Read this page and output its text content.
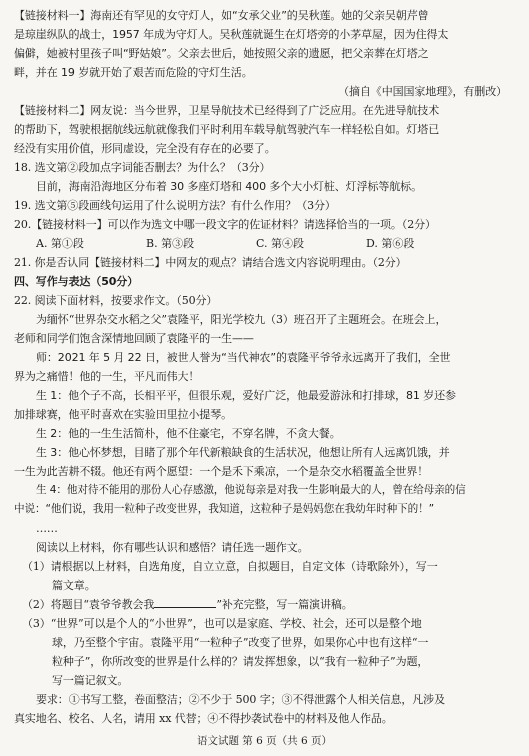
【链接材料一】海南还有罕见的女守灯人，如“女承父业”的吴秋莲。她的父亲吴朝芹曾

是琼崖纵队的战士，1957 年成为守灯人。吴秋莲就诞生在灯塔旁的小茅草屋，因为住得太

偏僻，她被村里孩子叫“野姑娘”。父亲去世后，她按照父亲的遗愿，把父亲葬在灯塔之

畔，并在 19 岁就开始了艰苦而危险的守灯生活。

（摘自《中国国家地理》，有删改）

【链接材料二】网友说：当今世界，卫星导航技术已经得到了广泛应用。在先进导航技术

的帮助下，驾驶根据航线远航就像我们平时利用车载导航驾驶汽车一样轻松自如。灯塔已

经没有实用价值，形同虚设，完全没有存在的必要了。

18. 选文第②段加点字词能否删去？为什么？（3分）

目前，海南沿海地区分布着 30 多座灯塔和 400 多个大小灯桩、灯浮标等航标。

19. 选文第⑤段画线句运用了什么说明方法？有什么作用？（3分）

20.【链接材料一】可以作为选文中哪一段文字的佐证材料？请选择恰当的一项。（2分）

A. 第①段	B. 第③段	C. 第④段	D. 第⑥段

21. 你是否认同【链接材料二】中网友的观点？请结合选文内容说明理由。（2分）

四、写作与表达（50分）

22. 阅读下面材料，按要求作文。（50分）

为缅怀“世界杂交水稻之父”袁隆平，阳光学校九（3）班召开了主题班会。在班会上，

老师和同学们饱含深情地回顾了袁隆平的一生——

师：2021 年 5 月 22 日，被世人誉为“当代神农”的袁隆平爷爷永远离开了我们，全世

界为之痛惜！他的一生，平凡而伟大！

生 1：他个子不高，长相平平，但很乐观，爱好广泛，他最爱游泳和打排球，81 岁还参

加排球赛，他平时喜欢在实验田里拉小提琴。

生 2：他的一生生活简朴，他不住豪宅，不穿名牌，不贪大餐。

生 3：他心怀梦想，目睹了那个年代新粮缺食的生活状况，他想让所有人远离饥饿，并

一生为此苦耕不辍。他还有两个愿望：一个是禾下乘凉，一个是杂交水稻覆盖全世界！

生 4：他对待不能用的那份人心存感激，他说每亲是对我一生影响最大的人，曾在给母亲的信

中说：“他们说，我用一粒种子改变世界，我知道，这粒种子是妈妈您在我幼年时种下的！”

……

阅读以上材料，你有哪些认识和感悟？请任选一题作文。

（1）请根据以上材料，自选角度，自立立意，自拟题目，自定文体（诗歌除外），写一

篇文章。

（2）将题目“袁爷爷教会我	”补充完整，写一篇演讲稿。

（3）“世界”可以是个人的“小世界”，也可以是家庭、学校、社会，还可以是整个地

球，乃至整个宇宙。袁隆平用“一粒种子”改变了世界，如果你心中也有这样“一

粒种子”，你所改变的世界是什么样的？请发挥想象，以“我有一粒种子”为题，

写一篇记叙文。

要求：①书写工整，卷面整洁；②不少于 500 字；③不得泄露个人相关信息，凡涉及

真实地名、校名、人名，请用 xx 代替；④不得抄袭试卷中的材料及他人作品。

语文试题 第 6 页（共 6 页）
